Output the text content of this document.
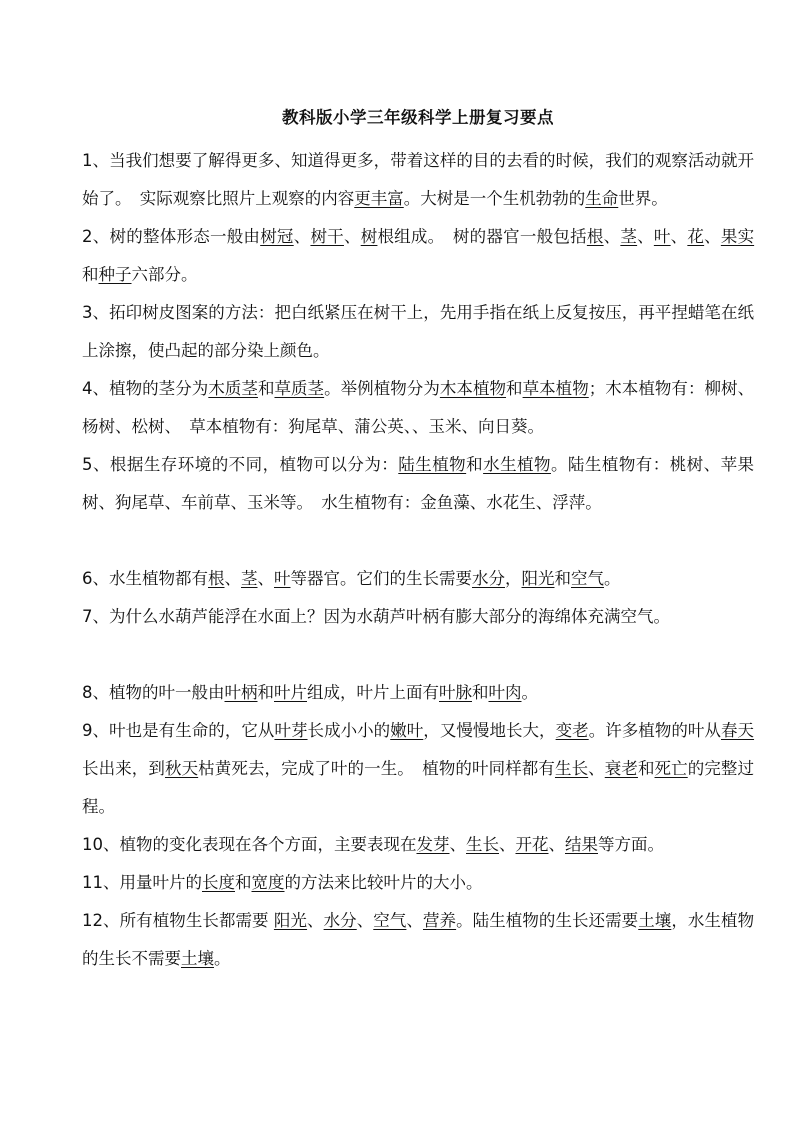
教科版小学三年级科学上册复习要点

1、当我们想要了解得更多、知道得更多，带着这样的目的去看的时候，我们的观察活动就开始了。　实际观察比照片上观察的内容更丰富。大树是一个生机勃勃的生命世界。

2、树的整体形态一般由树冠、树干、树根组成。　树的器官一般包括根、茎、叶、花、果实和种子六部分。

3、拓印树皮图案的方法：把白纸紧压在树干上，先用手指在纸上反复按压，再平捏蜡笔在纸上涂擦，使凸起的部分染上颜色。

4、植物的茎分为木质茎和草质茎。举例植物分为木本植物和草本植物；木本植物有：柳树、杨树、松树、　草本植物有：狗尾草、蒲公英、、玉米、向日葵。

5、根据生存环境的不同，植物可以分为：陆生植物和水生植物。陆生植物有：桃树、苹果树、狗尾草、车前草、玉米等。　水生植物有：金鱼藻、水花生、浮萍。

6、水生植物都有根、茎、叶等器官。它们的生长需要水分，阳光和空气。

7、为什么水葫芦能浮在水面上？因为水葫芦叶柄有膨大部分的海绵体充满空气。

8、植物的叶一般由叶柄和叶片组成，叶片上面有叶脉和叶肉。

9、叶也是有生命的，它从叶芽长成小小的嫩叶，又慢慢地长大，变老。许多植物的叶从春天长出来，到秋天枯黄死去，完成了叶的一生。　植物的叶同样都有生长、衰老和死亡的完整过程。

10、植物的变化表现在各个方面，主要表现在发芽、生长、开花、结果等方面。

11、用量叶片的长度和宽度的方法来比较叶片的大小。

12、所有植物生长都需要 阳光、水分、空气、营养。陆生植物的生长还需要土壤，水生植物的生长不需要土壤。
